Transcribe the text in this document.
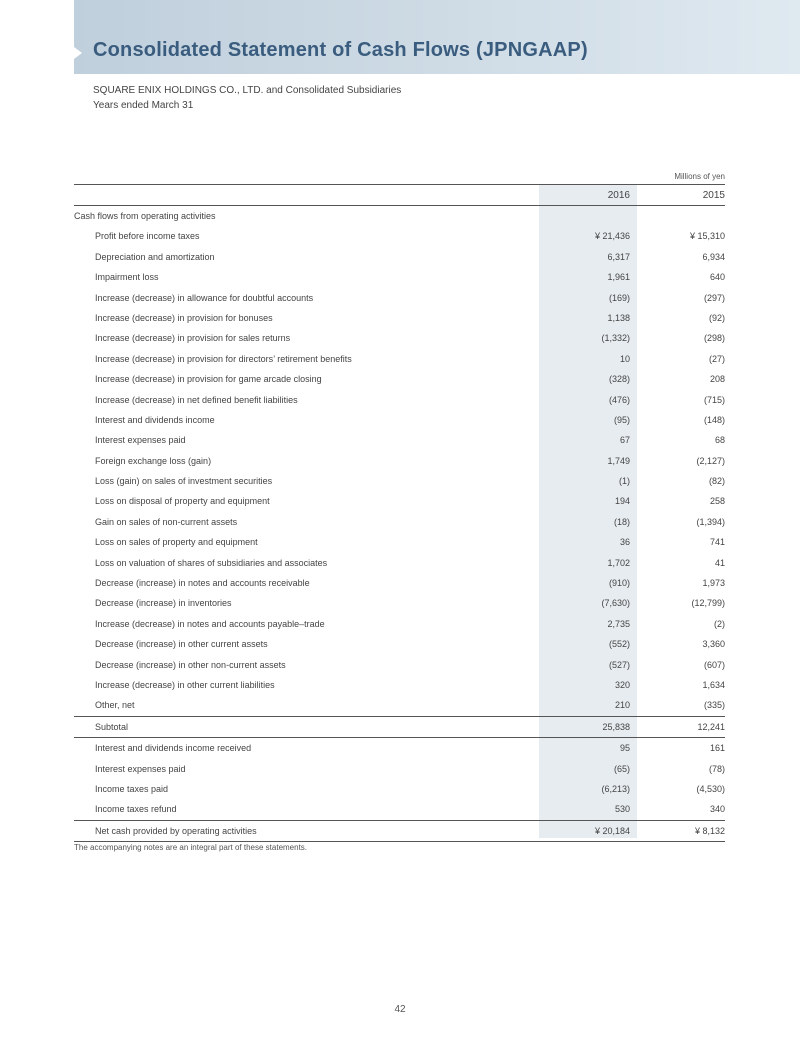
Consolidated Statement of Cash Flows (JPNGAAP)
SQUARE ENIX HOLDINGS CO., LTD. and Consolidated Subsidiaries
Years ended March 31
Millions of yen
2016	2015
Cash flows from operating activities
Profit before income taxes	¥ 21,436	¥ 15,310
Depreciation and amortization	6,317	6,934
Impairment loss	1,961	640
Increase (decrease) in allowance for doubtful accounts	(169)	(297)
Increase (decrease) in provision for bonuses	1,138	(92)
Increase (decrease) in provision for sales returns	(1,332)	(298)
Increase (decrease) in provision for directors’ retirement benefits	10	(27)
Increase (decrease) in provision for game arcade closing	(328)	208
Increase (decrease) in net defined benefit liabilities	(476)	(715)
Interest and dividends income	(95)	(148)
Interest expenses paid	67	68
Foreign exchange loss (gain)	1,749	(2,127)
Loss (gain) on sales of investment securities	(1)	(82)
Loss on disposal of property and equipment	194	258
Gain on sales of non-current assets	(18)	(1,394)
Loss on sales of property and equipment	36	741
Loss on valuation of shares of subsidiaries and associates	1,702	41
Decrease (increase) in notes and accounts receivable	(910)	1,973
Decrease (increase) in inventories	(7,630)	(12,799)
Increase (decrease) in notes and accounts payable–trade	2,735	(2)
Decrease (increase) in other current assets	(552)	3,360
Decrease (increase) in other non-current assets	(527)	(607)
Increase (decrease) in other current liabilities	320	1,634
Other, net	210	(335)
Subtotal	25,838	12,241
Interest and dividends income received	95	161
Interest expenses paid	(65)	(78)
Income taxes paid	(6,213)	(4,530)
Income taxes refund	530	340
Net cash provided by operating activities	¥ 20,184	¥ 8,132
The accompanying notes are an integral part of these statements.
42
